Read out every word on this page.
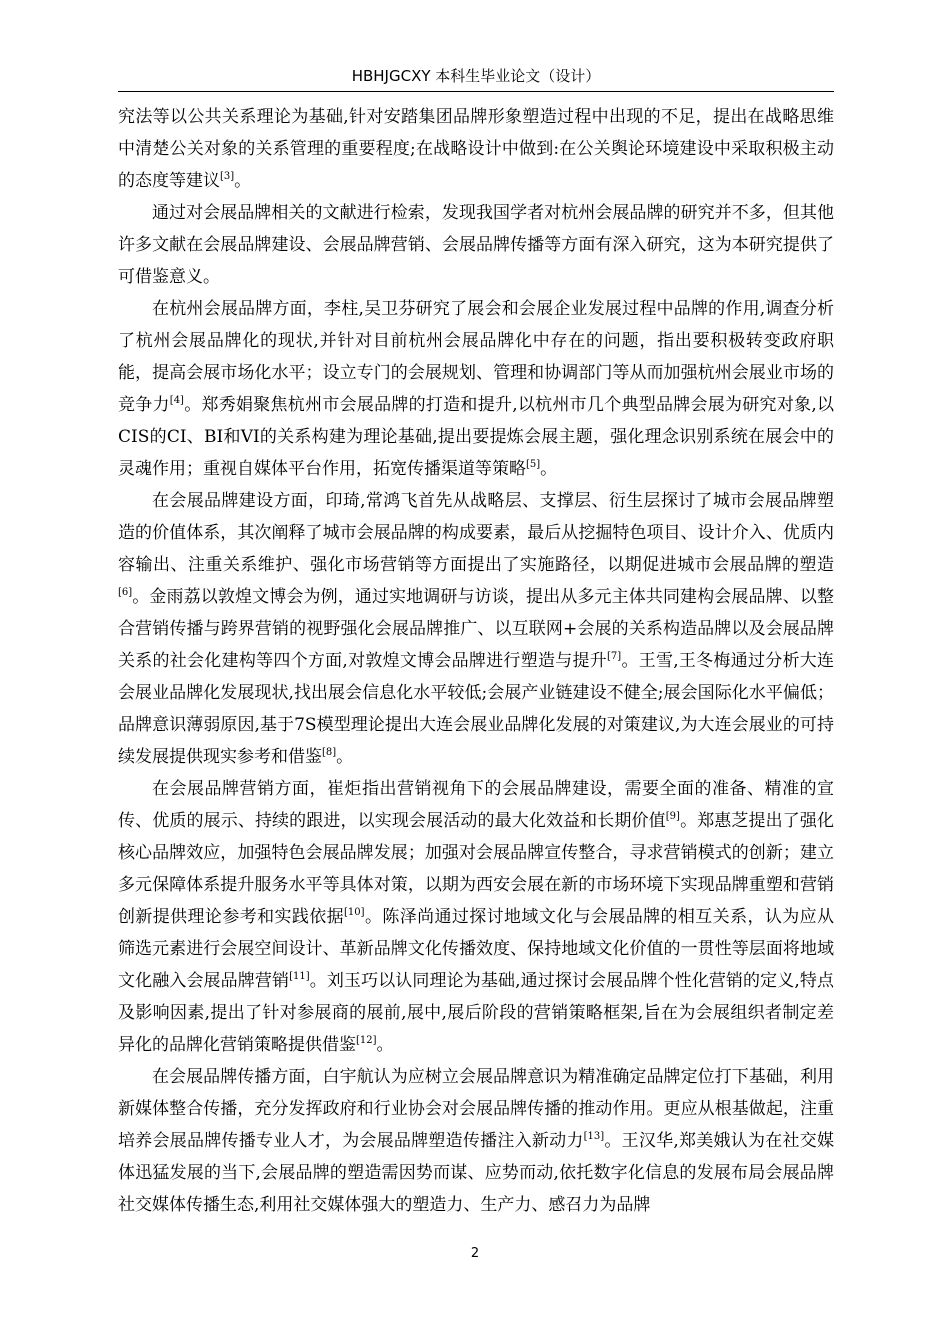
HBHJGCXY 本科生毕业论文（设计）

究法等以公共关系理论为基础,针对安踏集团品牌形象塑造过程中出现的不足，提出在战略思维中清楚公关对象的关系管理的重要程度;在战略设计中做到:在公关舆论环境建设中采取积极主动的态度等建议[3]。

通过对会展品牌相关的文献进行检索，发现我国学者对杭州会展品牌的研究并不多，但其他许多文献在会展品牌建设、会展品牌营销、会展品牌传播等方面有深入研究，这为本研究提供了可借鉴意义。

在杭州会展品牌方面，李柱,吴卫芬研究了展会和会展企业发展过程中品牌的作用,调查分析了杭州会展品牌化的现状,并针对目前杭州会展品牌化中存在的问题，指出要积极转变政府职能，提高会展市场化水平；设立专门的会展规划、管理和协调部门等从而加强杭州会展业市场的竞争力[4]。郑秀娟聚焦杭州市会展品牌的打造和提升,以杭州市几个典型品牌会展为研究对象,以CIS的CI、BI和VI的关系构建为理论基础,提出要提炼会展主题，强化理念识别系统在展会中的灵魂作用；重视自媒体平台作用，拓宽传播渠道等策略[5]。

在会展品牌建设方面，印琦,常鸿飞首先从战略层、支撑层、衍生层探讨了城市会展品牌塑造的价值体系，其次阐释了城市会展品牌的构成要素，最后从挖掘特色项目、设计介入、优质内容输出、注重关系维护、强化市场营销等方面提出了实施路径，以期促进城市会展品牌的塑造[6]。金雨荔以敦煌文博会为例，通过实地调研与访谈，提出从多元主体共同建构会展品牌、以整合营销传播与跨界营销的视野强化会展品牌推广、以互联网+会展的关系构造品牌以及会展品牌关系的社会化建构等四个方面,对敦煌文博会品牌进行塑造与提升[7]。王雪,王冬梅通过分析大连会展业品牌化发展现状,找出展会信息化水平较低;会展产业链建设不健全;展会国际化水平偏低；品牌意识薄弱原因,基于7S模型理论提出大连会展业品牌化发展的对策建议,为大连会展业的可持续发展提供现实参考和借鉴[8]。

在会展品牌营销方面，崔炬指出营销视角下的会展品牌建设，需要全面的准备、精准的宣传、优质的展示、持续的跟进，以实现会展活动的最大化效益和长期价值[9]。郑惠芝提出了强化核心品牌效应，加强特色会展品牌发展；加强对会展品牌宣传整合，寻求营销模式的创新；建立多元保障体系提升服务水平等具体对策，以期为西安会展在新的市场环境下实现品牌重塑和营销创新提供理论参考和实践依据[10]。陈泽尚通过探讨地域文化与会展品牌的相互关系，认为应从筛选元素进行会展空间设计、革新品牌文化传播效度、保持地域文化价值的一贯性等层面将地域文化融入会展品牌营销[11]。刘玉巧以认同理论为基础,通过探讨会展品牌个性化营销的定义,特点及影响因素,提出了针对参展商的展前,展中,展后阶段的营销策略框架,旨在为会展组织者制定差异化的品牌化营销策略提供借鉴[12]。

在会展品牌传播方面，白宇航认为应树立会展品牌意识为精准确定品牌定位打下基础，利用新媒体整合传播，充分发挥政府和行业协会对会展品牌传播的推动作用。更应从根基做起，注重培养会展品牌传播专业人才，为会展品牌塑造传播注入新动力[13]。王汉华,郑美娥认为在社交媒体迅猛发展的当下,会展品牌的塑造需因势而谋、应势而动,依托数字化信息的发展布局会展品牌社交媒体传播生态,利用社交媒体强大的塑造力、生产力、感召力为品牌

2
